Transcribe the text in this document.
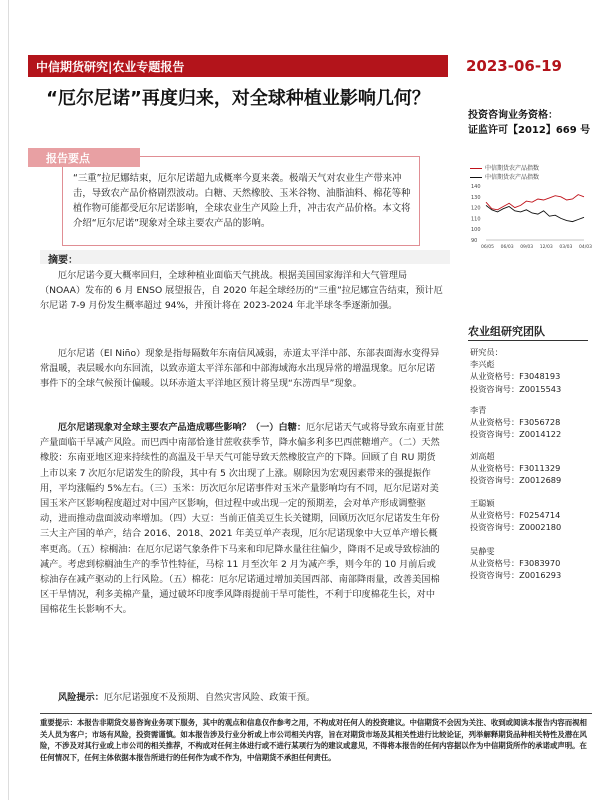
中信期货研究|农业专题报告	2023-06-19
“厄尔尼诺”再度归来，对全球种植业影响几何？
投资咨询业务资格：
证监许可【2012】669 号
“三重”拉尼娜结束，厄尔尼诺超九成概率今夏来袭。极端天气对农业生产带来冲击，导致农产品价格剧烈波动。白糖、天然橡胶、玉米谷物、油脂油料、棉花等种植作物可能都受厄尔尼诺影响，全球农业生产风险上升，冲击农产品价格。本文将介绍“厄尔尼诺”现象对全球主要农产品的影响。
报告要点
中信期货农产品指数
中信期货农产品指数
140
130
120
110
100
90
06/05 06/03 09/03 12/03 03/03 04/03
摘要：
厄尔尼诺今夏大概率回归，全球种植业面临天气挑战。根据美国国家海洋和大气管理局（NOAA）发布的 6 月 ENSO 展望报告，自 2020 年起全球经历的“三重”拉尼娜宣告结束，预计厄尔尼诺 7-9 月份发生概率超过 94%，并预计将在 2023-2024 年北半球冬季逐渐加强。
厄尔尼诺（El Niño）现象是指每隔数年东南信风减弱，赤道太平洋中部、东部表面海水变得异常温暖，表层暖水向东回流，以致赤道太平洋东部和中部海域海水出现异常的增温现象。厄尔尼诺事件下的全球气候预计偏暖。以环赤道太平洋地区预计将呈现“东涝西旱”现象。
厄尔尼诺现象对全球主要农产品造成哪些影响？（一）白糖：厄尔尼诺天气或将导致东南亚甘蔗产量面临干旱减产风险。而巴西中南部恰逢甘蔗收获季节，降水偏多利多巴西蔗糖增产。（二）天然橡胶：东南亚地区迎来持续性的高温及干旱天气可能导致天然橡胶宣产的下降。回顾了自 RU 期货上市以来 7 次厄尔尼诺发生的阶段，其中有 5 次出现了上涨。剔除因为宏观因素带来的强提振作用，平均涨幅约 5%左右。（三）玉米：历次厄尔尼诺事件对玉米产量影响均有不同，厄尔尼诺对美国玉米产区影响程度超过对中国产区影响，但过程中或出现一定的预期差，会对单产形成调整驱动，进而推动盘面波动率增加。（四）大豆：当前正值美豆生长关键期，回顾历次厄尔尼诺发生年份三大主产国的单产，结合 2016、2018、2021 年美豆单产表现，厄尔尼诺现象中大豆单产增长概率更高。（五）棕榈油：在厄尔尼诺气象条件下马来和印尼降水量往往偏少，降雨不足或导致棕油的减产。考虑到棕榈油生产的季节性特征，马棕 11 月至次年 2 月为减产季，则今年的 10 月前后或棕油存在减产驱动的上行风险。（五）棉花：厄尔尼诺通过增加美国西部、南部降雨量，改善美国棉区干旱情况，利多美棉产量，通过破坏印度季风降雨提前干旱可能性，不利于印度棉花生长，对中国棉花生长影响不大。
风险提示：厄尔尼诺强度不及预期、自然灾害风险、政策干预。
农业组研究团队
研究员：
李兴彪
从业资格号：F3048193
投资咨询号：Z0015543
李青
从业资格号：F3056728
投资咨询号：Z0014122
刘高超
从业资格号：F3011329
投资咨询号：Z0012689
王聪颖
从业资格号：F0254714
投资咨询号：Z0002180
吴静雯
从业资格号：F3083970
投资咨询号：Z0016293
重要提示：本报告非期货交易咨询业务项下服务，其中的观点和信息仅作参考之用，不构成对任何人的投资建议。中信期货不会因为关注、收到或阅读本报告内容而视相关人员为客户；市场有风险，投资需谨慎。如本报告涉及行业分析或上市公司相关内容，旨在对期货市场及其相关性进行比较论证，列举解释期货品种相关特性及潜在风险，不涉及对其行业或上市公司的相关推荐，不构成对任何主体进行或不进行某项行为的建议或意见，不得将本报告的任何内容据以作为中信期货所作的承诺或声明。在任何情况下，任何主体依据本报告所进行的任何作为或不作为，中信期货不承担任何责任。
